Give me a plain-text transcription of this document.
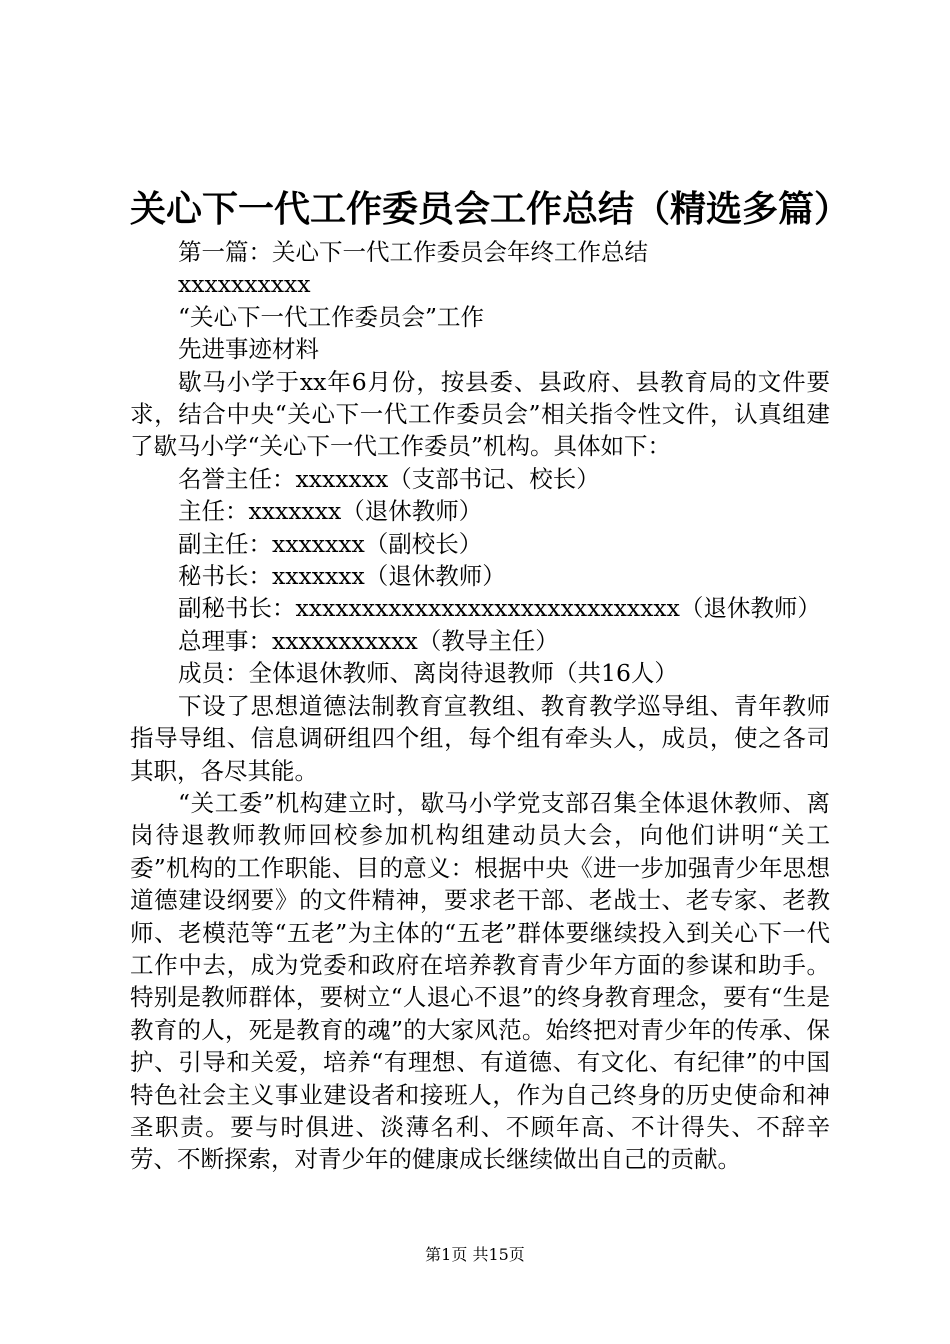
关心下一代工作委员会工作总结（精选多篇）

第一篇：关心下一代工作委员会年终工作总结

xxxxxxxxxx

“关心下一代工作委员会”工作

先进事迹材料

歇马小学于xx年6月份，按县委、县政府、县教育局的文件要求，结合中央“关心下一代工作委员会”相关指令性文件，认真组建了歇马小学“关心下一代工作委员”机构。具体如下：

名誉主任：xxxxxxx（支部书记、校长）

主任：xxxxxxx（退休教师）

副主任：xxxxxxx（副校长）

秘书长：xxxxxxx（退休教师）

副秘书长：xxxxxxxxxxxxxxxxxxxxxxxxxxxxx（退休教师）

总理事：xxxxxxxxxxx（教导主任）

成员：全体退休教师、离岗待退教师（共16人）

下设了思想道德法制教育宣教组、教育教学巡导组、青年教师指导导组、信息调研组四个组，每个组有牵头人，成员，使之各司其职，各尽其能。

“关工委”机构建立时，歇马小学党支部召集全体退休教师、离岗待退教师教师回校参加机构组建动员大会，向他们讲明“关工委”机构的工作职能、目的意义：根据中央《进一步加强青少年思想道德建设纲要》的文件精神，要求老干部、老战士、老专家、老教师、老模范等“五老”为主体的“五老”群体要继续投入到关心下一代工作中去，成为党委和政府在培养教育青少年方面的参谋和助手。特别是教师群体，要树立“人退心不退”的终身教育理念，要有“生是教育的人，死是教育的魂”的大家风范。始终把对青少年的传承、保护、引导和关爱，培养“有理想、有道德、有文化、有纪律”的中国特色社会主义事业建设者和接班人，作为自己终身的历史使命和神圣职责。要与时俱进、淡薄名利、不顾年高、不计得失、不辞辛劳、不断探索，对青少年的健康成长继续做出自己的贡献。

第1页 共15页
